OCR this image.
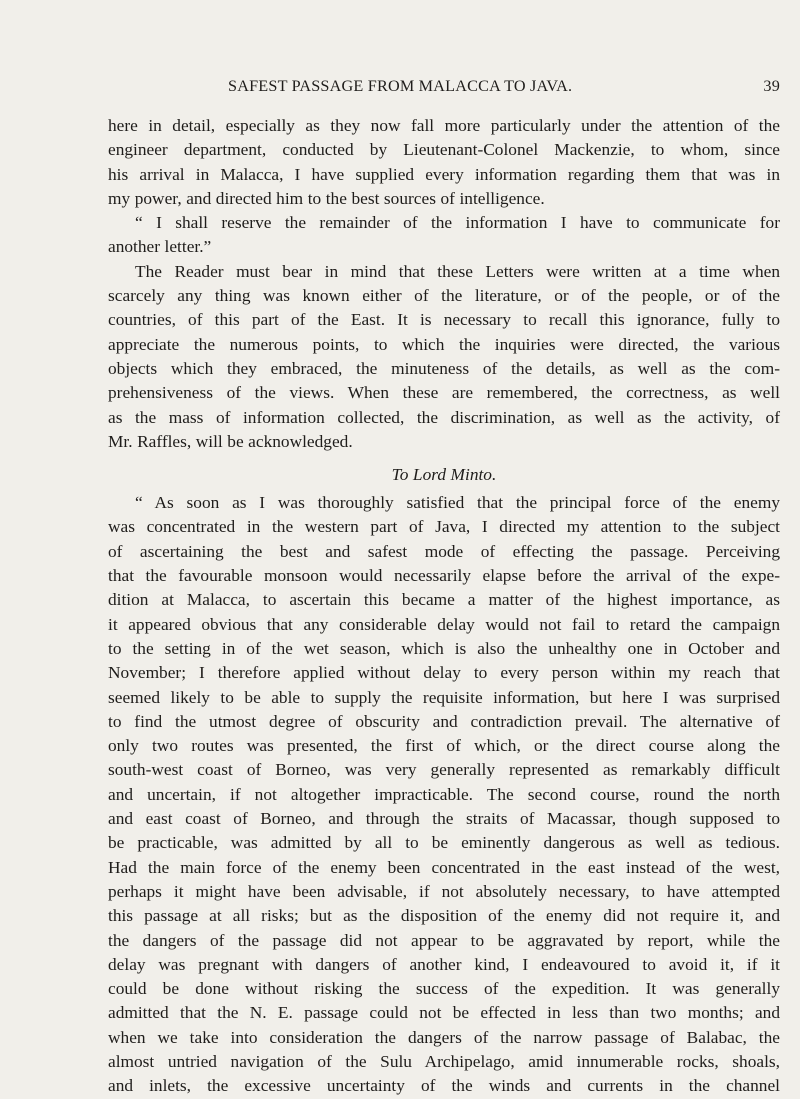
SAFEST PASSAGE FROM MALACCA TO JAVA.	39

here in detail, especially as they now fall more particularly under the attention of the

engineer department, conducted by Lieutenant-Colonel Mackenzie, to whom, since

his arrival in Malacca, I have supplied every information regarding them that was in

my power, and directed him to the best sources of intelligence.

“ I shall reserve the remainder of the information I have to communicate for

another letter.”

The Reader must bear in mind that these Letters were written at a time when

scarcely any thing was known either of the literature, or of the people, or of the

countries, of this part of the East. It is necessary to recall this ignorance, fully to

appreciate the numerous points, to which the inquiries were directed, the various

objects which they embraced, the minuteness of the details, as well as the com-

prehensiveness of the views. When these are remembered, the correctness, as well

as the mass of information collected, the discrimination, as well as the activity, of

Mr. Raffles, will be acknowledged.

To Lord Minto.

“ As soon as I was thoroughly satisfied that the principal force of the enemy

was concentrated in the western part of Java, I directed my attention to the subject

of ascertaining the best and safest mode of effecting the passage. Perceiving

that the favourable monsoon would necessarily elapse before the arrival of the expe-

dition at Malacca, to ascertain this became a matter of the highest importance, as

it appeared obvious that any considerable delay would not fail to retard the campaign

to the setting in of the wet season, which is also the unhealthy one in October and

November; I therefore applied without delay to every person within my reach that

seemed likely to be able to supply the requisite information, but here I was surprised

to find the utmost degree of obscurity and contradiction prevail. The alternative of

only two routes was presented, the first of which, or the direct course along the

south-west coast of Borneo, was very generally represented as remarkably difficult

and uncertain, if not altogether impracticable. The second course, round the north

and east coast of Borneo, and through the straits of Macassar, though supposed to

be practicable, was admitted by all to be eminently dangerous as well as tedious.

Had the main force of the enemy been concentrated in the east instead of the west,

perhaps it might have been advisable, if not absolutely necessary, to have attempted

this passage at all risks; but as the disposition of the enemy did not require it, and

the dangers of the passage did not appear to be aggravated by report, while the

delay was pregnant with dangers of another kind, I endeavoured to avoid it, if it

could be done without risking the success of the expedition. It was generally

admitted that the N. E. passage could not be effected in less than two months; and

when we take into consideration the dangers of the narrow passage of Balabac, the

almost untried navigation of the Sulu Archipelago, amid innumerable rocks, shoals,

and inlets, the excessive uncertainty of the winds and currents in the channel
